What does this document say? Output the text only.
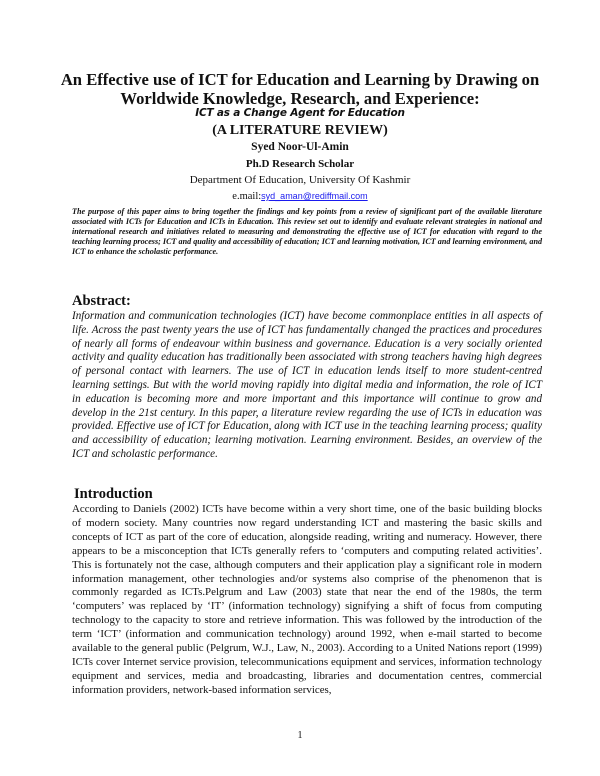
An Effective use of ICT for Education and Learning by Drawing on Worldwide Knowledge, Research, and Experience:
ICT as a Change Agent for Education
(A LITERATURE REVIEW)
Syed Noor-Ul-Amin
Ph.D Research Scholar
Department Of Education, University Of Kashmir
e.mail:syd_aman@rediffmail.com
The purpose of this paper aims to bring together the findings and key points from a review of significant part of the available literature associated with ICTs for Education and ICTs in Education. This review set out to identify and evaluate relevant strategies in national and international research and initiatives related to measuring and demonstrating the effective use of ICT for education with regard to the teaching learning process; ICT and quality and accessibility of education; ICT and learning motivation, ICT and learning environment, and ICT to enhance the scholastic performance.
Abstract:
Information and communication technologies (ICT) have become commonplace entities in all aspects of life. Across the past twenty years the use of ICT has fundamentally changed the practices and procedures of nearly all forms of endeavour within business and governance. Education is a very socially oriented activity and quality education has traditionally been associated with strong teachers having high degrees of personal contact with learners. The use of ICT in education lends itself to more student-centred learning settings. But with the world moving rapidly into digital media and information, the role of ICT in education is becoming more and more important and this importance will continue to grow and develop in the 21st century. In this paper, a literature review regarding the use of ICTs in education was provided. Effective use of ICT for Education, along with ICT use in the teaching learning process; quality and accessibility of education; learning motivation. Learning environment. Besides, an overview of the ICT and scholastic performance.
Introduction
According to Daniels (2002) ICTs have become within a very short time, one of the basic building blocks of modern society. Many countries now regard understanding ICT and mastering the basic skills and concepts of ICT as part of the core of education, alongside reading, writing and numeracy. However, there appears to be a misconception that ICTs generally refers to ‘computers and computing related activities’. This is fortunately not the case, although computers and their application play a significant role in modern information management, other technologies and/or systems also comprise of the phenomenon that is commonly regarded as ICTs.Pelgrum and Law (2003) state that near the end of the 1980s, the term ‘computers’ was replaced by ‘IT’ (information technology) signifying a shift of focus from computing technology to the capacity to store and retrieve information. This was followed by the introduction of the term ‘ICT’ (information and communication technology) around 1992, when e-mail started to become available to the general public (Pelgrum, W.J., Law, N., 2003). According to a United Nations report (1999) ICTs cover Internet service provision, telecommunications equipment and services, information technology equipment and services, media and broadcasting, libraries and documentation centres, commercial information providers, network-based information services,
1
